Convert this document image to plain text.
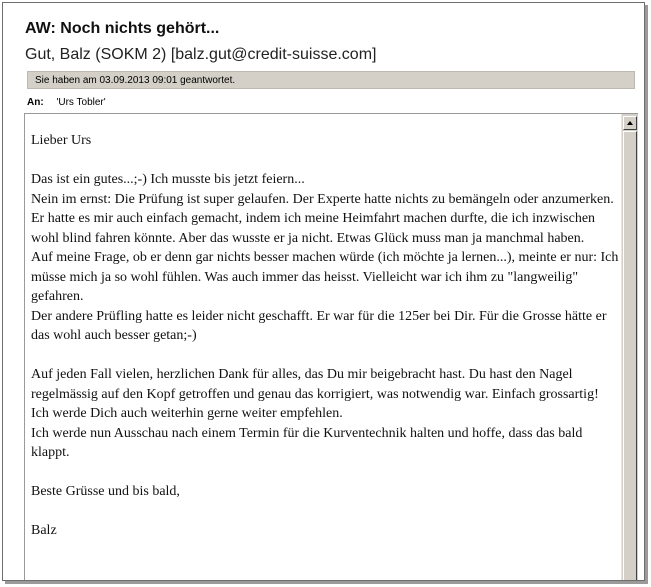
AW: Noch nichts gehört...
Gut, Balz (SOKM 2) [balz.gut@credit-suisse.com]
Sie haben am 03.09.2013 09:01 geantwortet.
An: 'Urs Tobler'

Lieber Urs

Das ist ein gutes...;-) Ich musste bis jetzt feiern...

Nein im ernst: Die Prüfung ist super gelaufen. Der Experte hatte nichts zu bemängeln oder anzumerken. Er hatte es mir auch einfach gemacht, indem ich meine Heimfahrt machen durfte, die ich inzwischen wohl blind fahren könnte. Aber das wusste er ja nicht. Etwas Glück muss man ja manchmal haben.

Auf meine Frage, ob er denn gar nichts besser machen würde (ich möchte ja lernen...), meinte er nur: Ich müsse mich ja so wohl fühlen. Was auch immer das heisst. Vielleicht war ich ihm zu "langweilig" gefahren.

Der andere Prüfling hatte es leider nicht geschafft. Er war für die 125er bei Dir. Für die Grosse hätte er das wohl auch besser getan;-)

Auf jeden Fall vielen, herzlichen Dank für alles, das Du mir beigebracht hast. Du hast den Nagel regelmässig auf den Kopf getroffen und genau das korrigiert, was notwendig war. Einfach grossartig! Ich werde Dich auch weiterhin gerne weiter empfehlen.

Ich werde nun Ausschau nach einem Termin für die Kurventechnik halten und hoffe, dass das bald klappt.

Beste Grüsse und bis bald,

Balz
